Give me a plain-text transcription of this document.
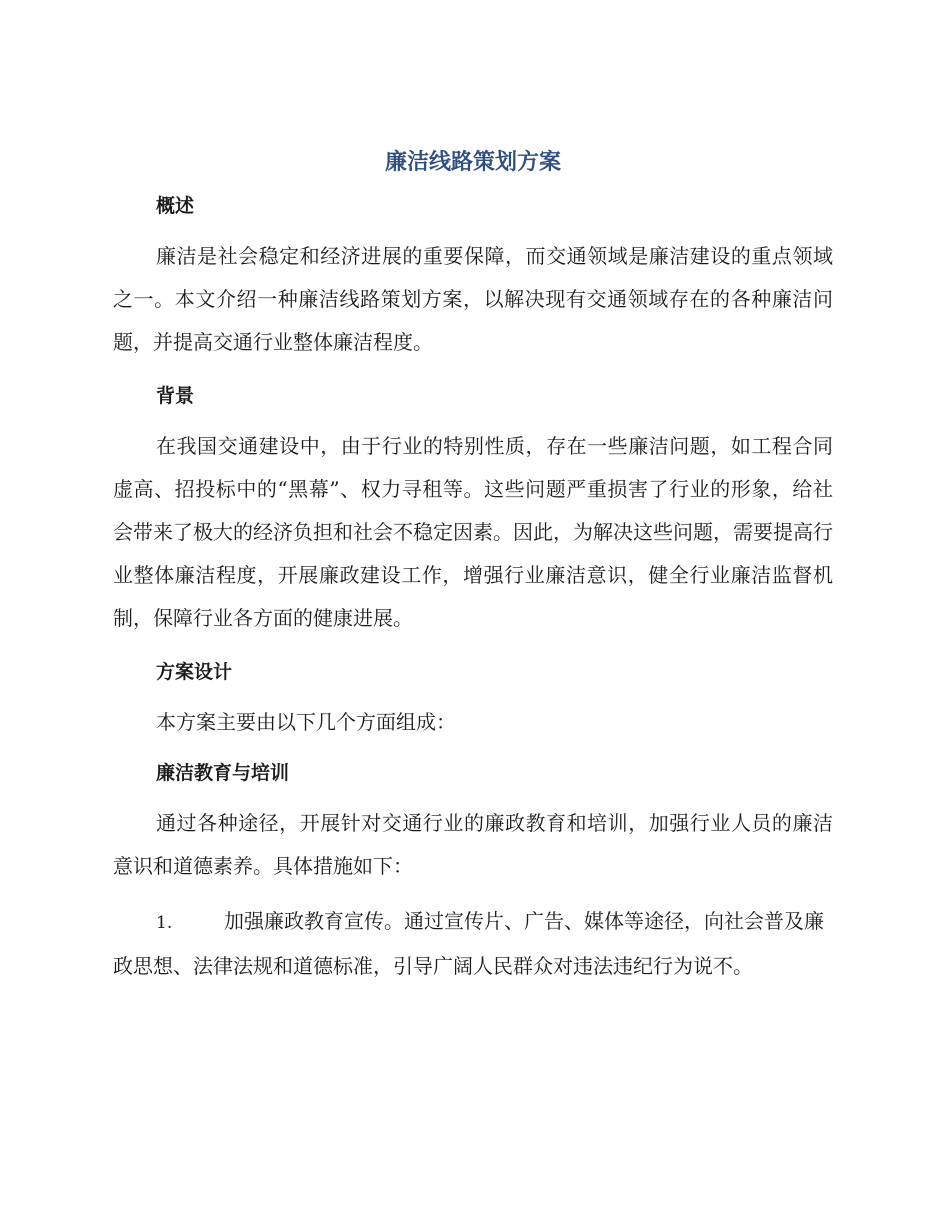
廉洁线路策划方案
概述

廉洁是社会稳定和经济进展的重要保障，而交通领域是廉洁建设的重点领域之一。本文介绍一种廉洁线路策划方案，以解决现有交通领域存在的各种廉洁问题，并提高交通行业整体廉洁程度。

背景

在我国交通建设中，由于行业的特别性质，存在一些廉洁问题，如工程合同虚高、招投标中的“黑幕”、权力寻租等。这些问题严重损害了行业的形象，给社会带来了极大的经济负担和社会不稳定因素。因此，为解决这些问题，需要提高行业整体廉洁程度，开展廉政建设工作，增强行业廉洁意识，健全行业廉洁监督机制，保障行业各方面的健康进展。

方案设计

本方案主要由以下几个方面组成：

廉洁教育与培训

通过各种途径，开展针对交通行业的廉政教育和培训，加强行业人员的廉洁意识和道德素养。具体措施如下：

1.	加强廉政教育宣传。通过宣传片、广告、媒体等途径，向社会普及廉政思想、法律法规和道德标准，引导广阔人民群众对违法违纪行为说不。
